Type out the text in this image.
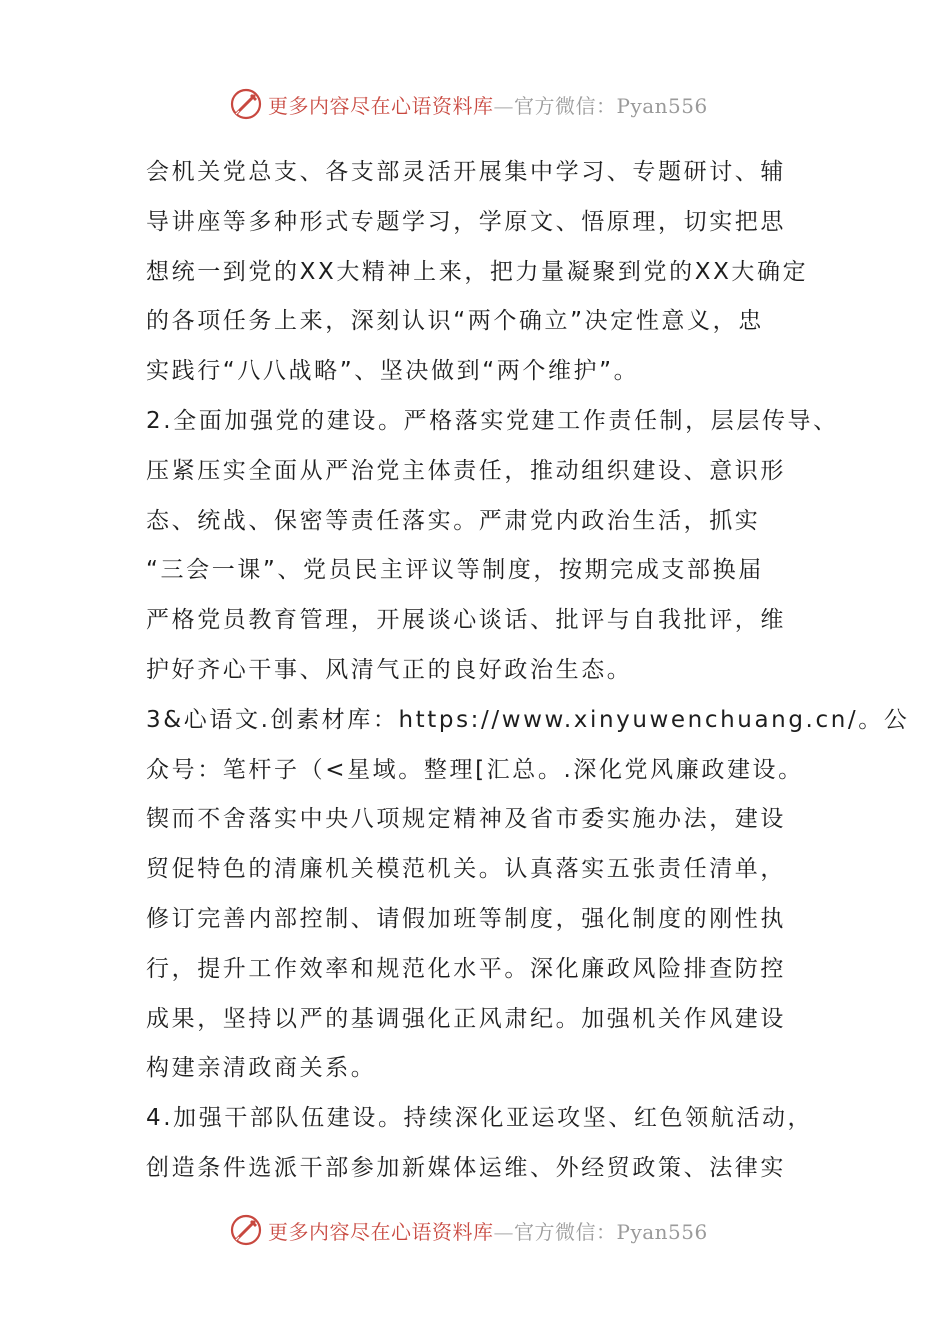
更多内容尽在心语资料库—官方微信：Pyan556
会机关党总支、各支部灵活开展集中学习、专题研讨、辅
导讲座等多种形式专题学习，学原文、悟原理，切实把思
想统一到党的XX大精神上来，把力量凝聚到党的XX大确定
的各项任务上来，深刻认识“两个确立”决定性意义，忠
实践行“八八战略”、坚决做到“两个维护”。
2.全面加强党的建设。严格落实党建工作责任制，层层传导、
压紧压实全面从严治党主体责任，推动组织建设、意识形
态、统战、保密等责任落实。严肃党内政治生活，抓实
“三会一课”、党员民主评议等制度，按期完成支部换届
严格党员教育管理，开展谈心谈话、批评与自我批评，维
护好齐心干事、风清气正的良好政治生态。
3&心语文.创素材库：https://www.xinyuwenchuang.cn/。公
众号：笔杆子（<星域。整理[汇总。.深化党风廉政建设。
锲而不舍落实中央八项规定精神及省市委实施办法，建设
贸促特色的清廉机关模范机关。认真落实五张责任清单，
修订完善内部控制、请假加班等制度，强化制度的刚性执
行，提升工作效率和规范化水平。深化廉政风险排查防控
成果，坚持以严的基调强化正风肃纪。加强机关作风建设
构建亲清政商关系。
4.加强干部队伍建设。持续深化亚运攻坚、红色领航活动，
创造条件选派干部参加新媒体运维、外经贸政策、法律实
更多内容尽在心语资料库—官方微信：Pyan556
